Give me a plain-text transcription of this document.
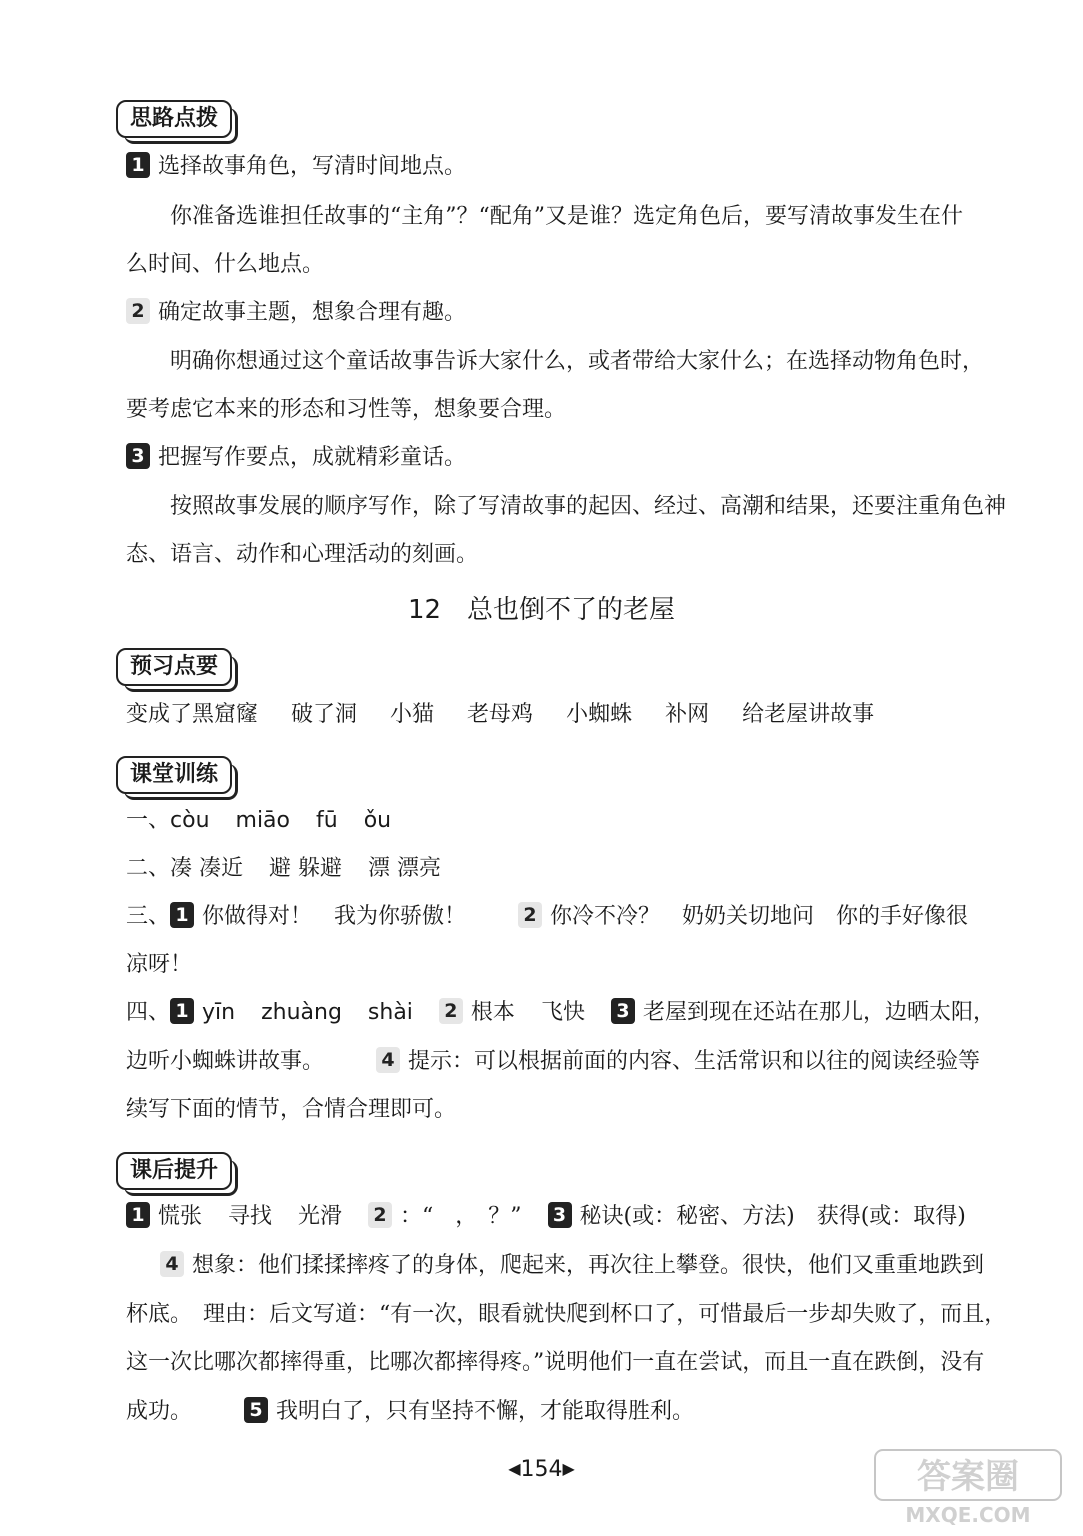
思路点拨
1 选择故事角色，写清时间地点。
你准备选谁担任故事的“主角”？“配角”又是谁？选定角色后，要写清故事发生在什
么时间、什么地点。
2 确定故事主题，想象合理有趣。
明确你想通过这个童话故事告诉大家什么，或者带给大家什么；在选择动物角色时，
要考虑它本来的形态和习性等，想象要合理。
3 把握写作要点，成就精彩童话。
按照故事发展的顺序写作，除了写清故事的起因、经过、高潮和结果，还要注重角色神
态、语言、动作和心理活动的刻画。
12　总也倒不了的老屋
预习点要
变成了黑窟窿 破了洞 小猫 老母鸡 小蜘蛛 补网 给老屋讲故事
课堂训练
一、còu miāo fū ǒu
二、凑 凑近 避 躲避 漂 漂亮
三、 1 你做得对！　我为你骄傲！	2 你冷不冷？　奶奶关切地问　你的手好像很
凉呀！
四、 1 yīn zhuàng shài 2 根本 飞快 3 老屋到现在还站在那儿，边晒太阳，
边听小蜘蛛讲故事。	4 提示：可以根据前面的内容、生活常识和以往的阅读经验等
续写下面的情节，合情合理即可。
课后提升
1 慌张 寻找 光滑 2 ：“　，　？” 3 秘诀(或：秘密、方法)　获得(或：取得)
4 想象：他们揉揉摔疼了的身体，爬起来，再次往上攀登。很快，他们又重重地跌到
杯底。　理由：后文写道：“有一次，眼看就快爬到杯口了，可惜最后一步却失败了，而且，
这一次比哪次都摔得重，比哪次都摔得疼。”说明他们一直在尝试，而且一直在跌倒，没有
成功。	5 我明白了，只有坚持不懈，才能取得胜利。
◀154▶	答案圈
MXQE.COM
